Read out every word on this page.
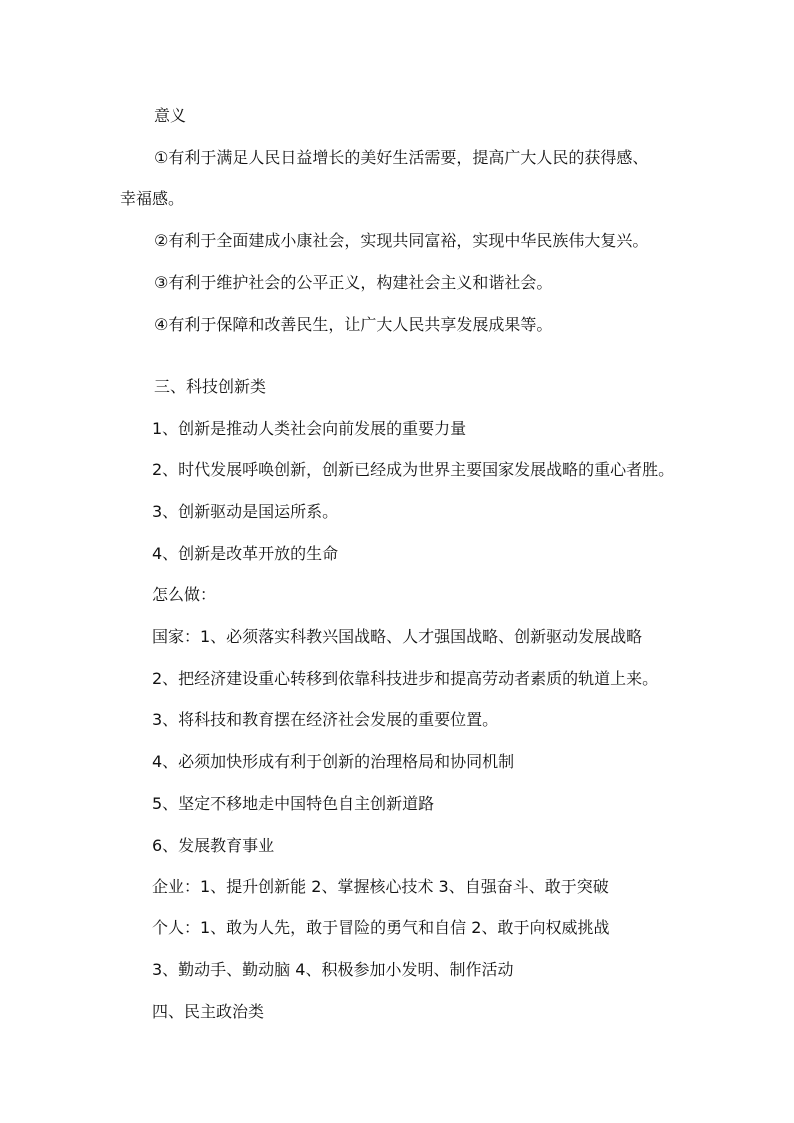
意义
①有利于满足人民日益增长的美好生活需要，提高广大人民的获得感、
幸福感。
②有利于全面建成小康社会，实现共同富裕，实现中华民族伟大复兴。
③有利于维护社会的公平正义，构建社会主义和谐社会。
④有利于保障和改善民生，让广大人民共享发展成果等。
三、科技创新类
1、创新是推动人类社会向前发展的重要力量
2、时代发展呼唤创新，创新已经成为世界主要国家发展战略的重心者胜。
3、创新驱动是国运所系。
4、创新是改革开放的生命
怎么做：
国家：1、必须落实科教兴国战略、人才强国战略、创新驱动发展战略
2、把经济建设重心转移到依靠科技进步和提高劳动者素质的轨道上来。
3、将科技和教育摆在经济社会发展的重要位置。
4、必须加快形成有利于创新的治理格局和协同机制
5、坚定不移地走中国特色自主创新道路
6、发展教育事业
企业：1、提升创新能 2、掌握核心技术 3、自强奋斗、敢于突破
个人：1、敢为人先，敢于冒险的勇气和自信 2、敢于向权威挑战
3、勤动手、勤动脑 4、积极参加小发明、制作活动
四、民主政治类
